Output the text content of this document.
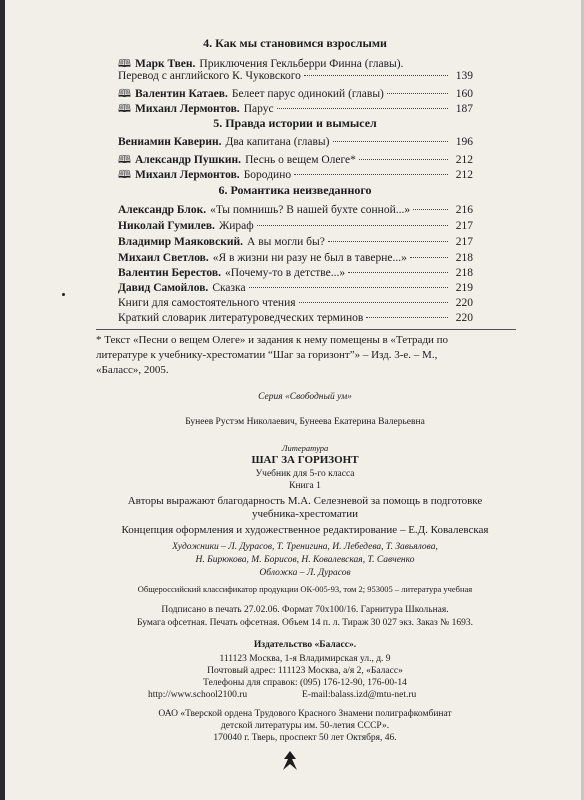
4. Как мы становимся взрослыми
🕮 Марк Твен. Приключения Гекльберри Финна (главы).
Перевод с английского К. Чуковского	139
🕮 Валентин Катаев. Белеет парус одинокий (главы)	160
🕮 Михаил Лермонтов. Парус	187
5. Правда истории и вымысел
Вениамин Каверин. Два капитана (главы)	196
🕮 Александр Пушкин. Песнь о вещем Олеге*	212
🕮 Михаил Лермонтов. Бородино	212
6. Романтика неизведанного
Александр Блок. «Ты помнишь? В нашей бухте сонной...»	216
Николай Гумилев. Жираф	217
Владимир Маяковский. А вы могли бы?	217
Михаил Светлов. «Я в жизни ни разу не был в таверне...»	218
Валентин Берестов. «Почему-то в детстве...»	218
Давид Самойлов. Сказка	219
Книги для самостоятельного чтения	220
Краткий словарик литературоведческих терминов	220
* Текст «Песни о вещем Олеге» и задания к нему помещены в «Тетради по
литературе к учебнику-хрестоматии “Шаг за горизонт”» – Изд. 3-е. – М.,
«Баласс», 2005.
Серия «Свободный ум»
Бунеев Рустэм Николаевич, Бунеева Екатерина Валерьевна
Литература
ШАГ ЗА ГОРИЗОНТ
Учебник для 5-го класса
Книга 1
Авторы выражают благодарность М.А. Селезневой за помощь в подготовке
учебника-хрестоматии
Концепция оформления и художественное редактирование – Е.Д. Ковалевская
Художники – Л. Дурасов, Т. Тренигина, И. Лебедева, Т. Завьялова,
Н. Бирюкова, М. Борисов, Н. Ковалевская, Т. Савченко
Обложка – Л. Дурасов
Общероссийский классификатор продукции ОК-005-93, том 2; 953005 – литература учебная
Подписано в печать 27.02.06. Формат 70х100/16. Гарнитура Школьная.
Бумага офсетная. Печать офсетная. Объем 14 п. л. Тираж 30 027 экз. Заказ № 1693.
Издательство «Баласс».
111123 Москва, 1-я Владимирская ул., д. 9
Почтовый адрес: 111123 Москва, а/я 2, «Баласс»
Телефоны для справок: (095) 176-12-90, 176-00-14
http://www.school2100.ru	E-mail:balass.izd@mtu-net.ru
ОАО «Тверской ордена Трудового Красного Знамени полиграфкомбинат
детской литературы им. 50-летия СССР».
170040 г. Тверь, проспект 50 лет Октября, 46.
